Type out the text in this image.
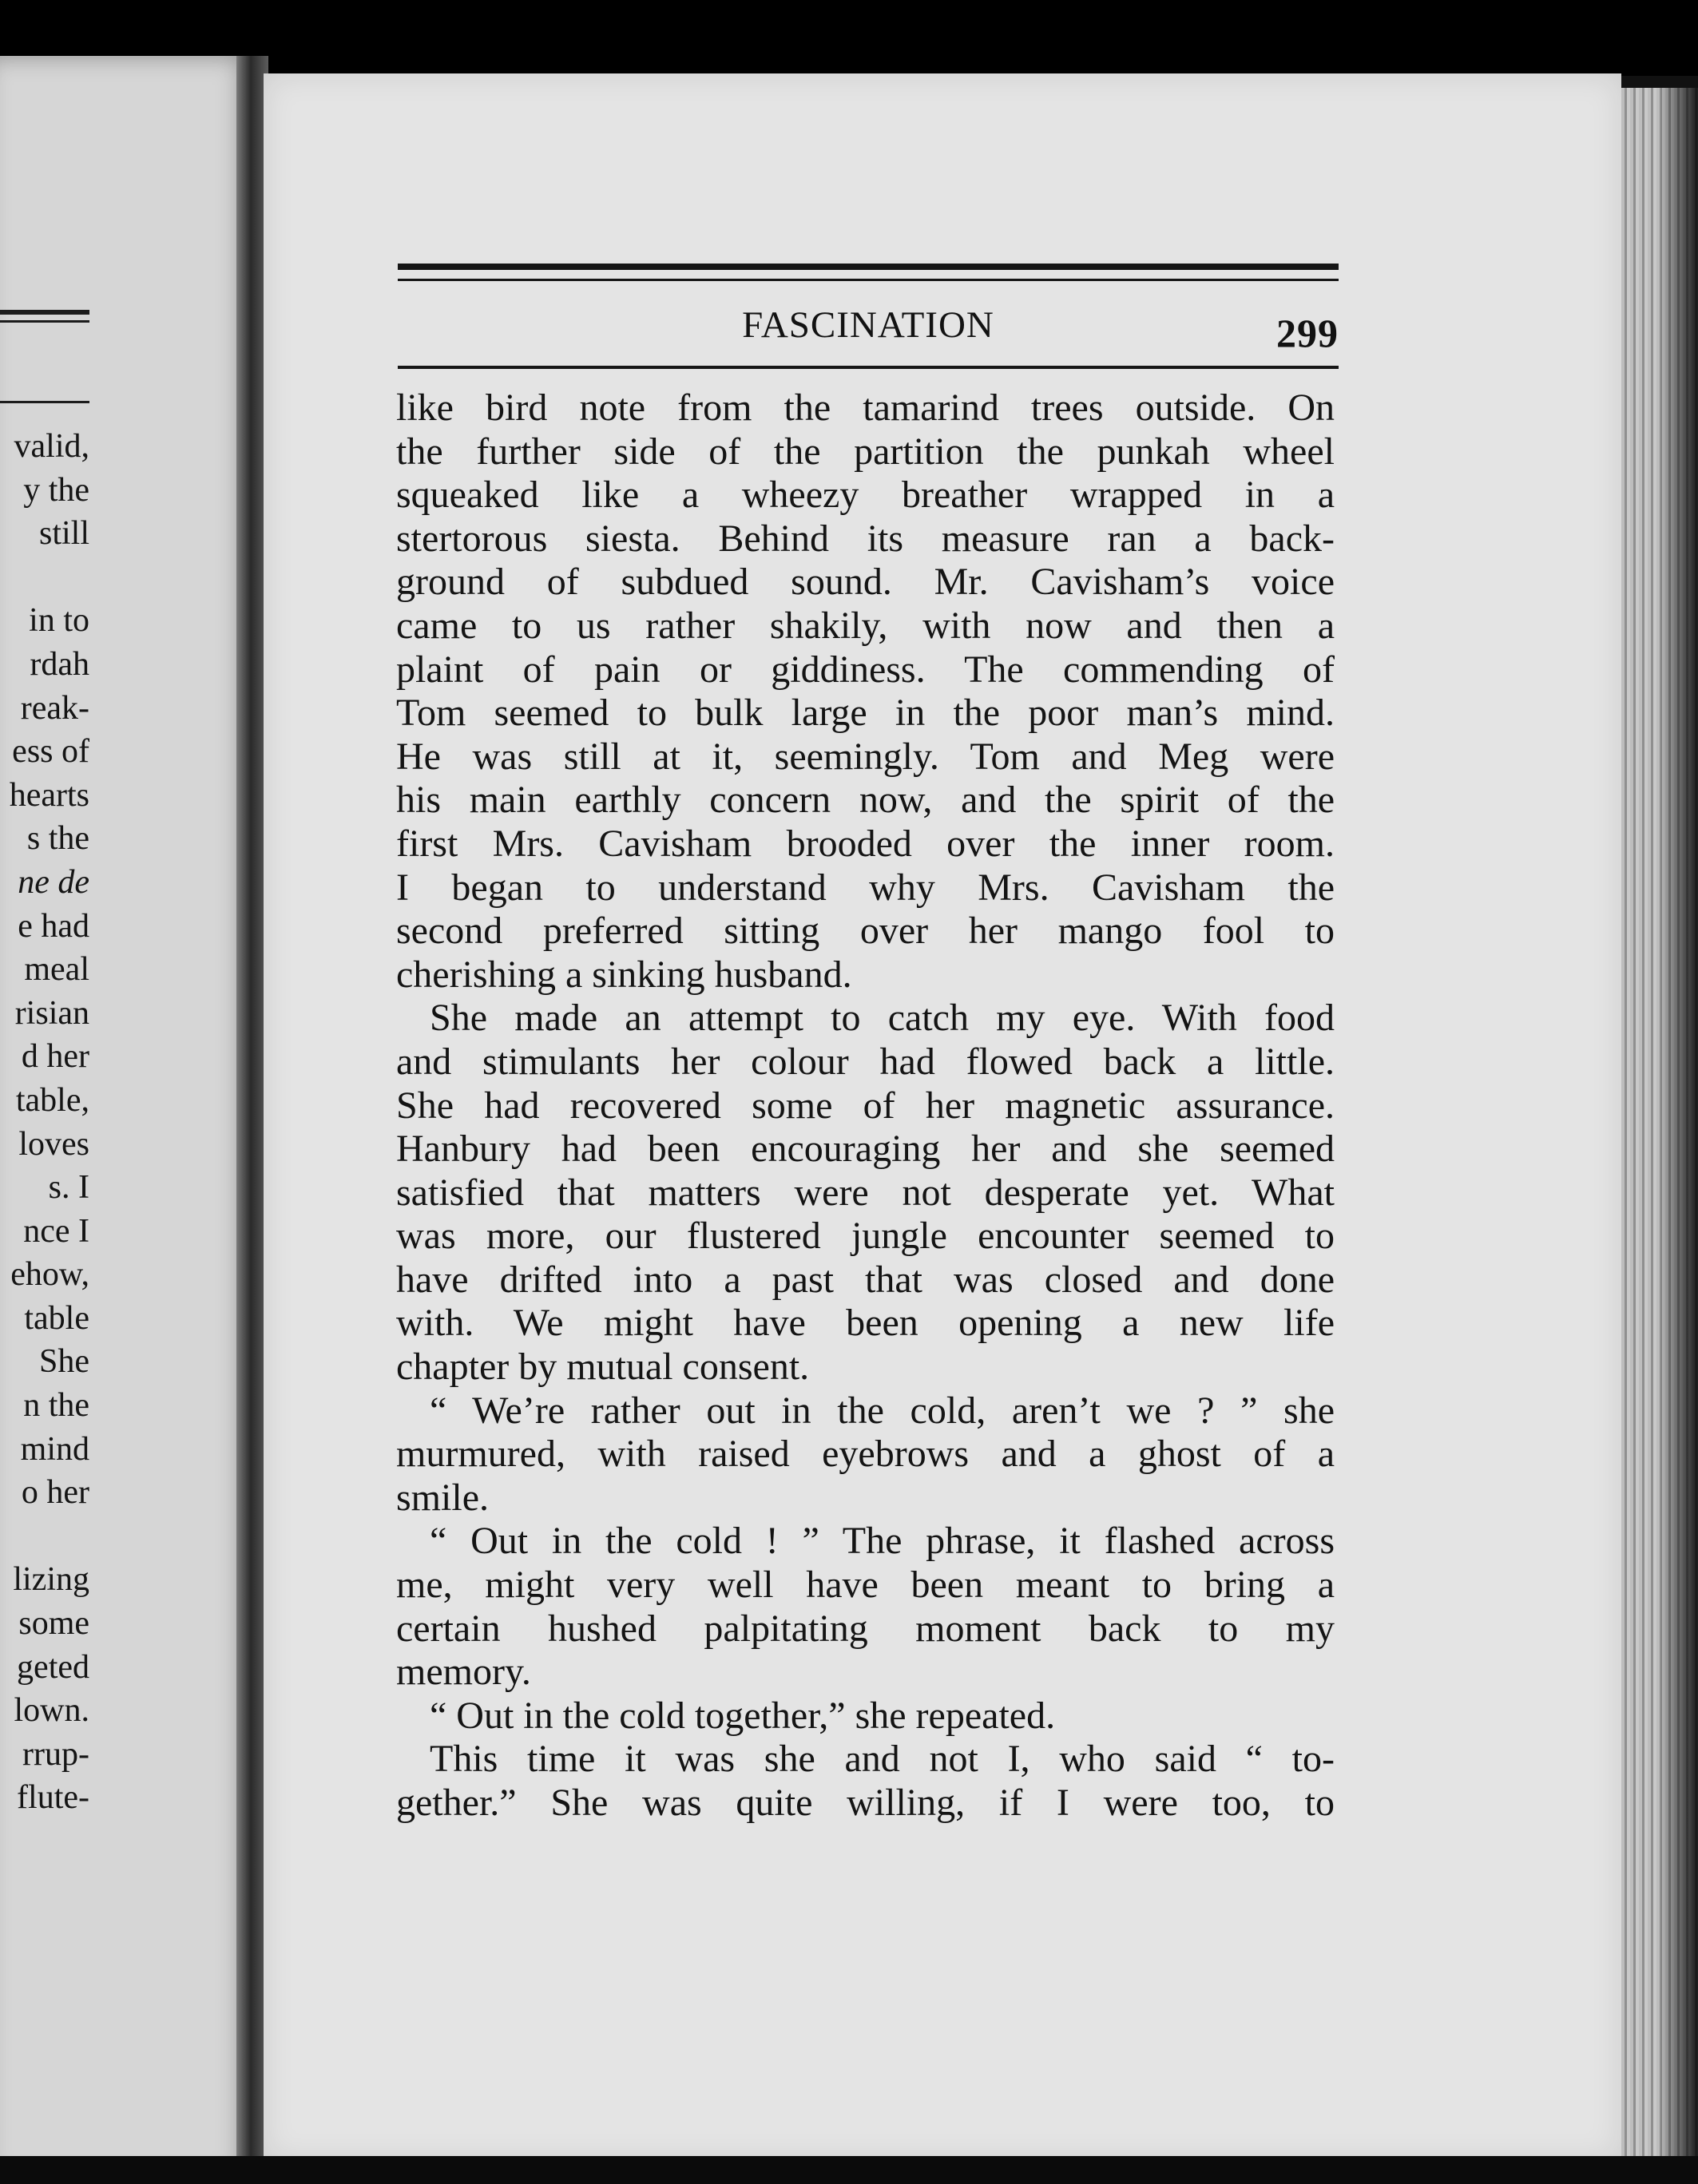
valid,
y the
still
in to
rdah
reak-
ess of
hearts
s the
ne de
e had
meal
risian
d her
table,
loves
s. I
nce I
ehow,
table
She
n the
mind
o her
lizing
some
geted
lown.
rrup-
flute-
FASCINATION	299
like bird note from the tamarind trees outside. On
the further side of the partition the punkah wheel
squeaked like a wheezy breather wrapped in a
stertorous siesta. Behind its measure ran a back-
ground of subdued sound. Mr. Cavisham’s voice
came to us rather shakily, with now and then a
plaint of pain or giddiness. The commending of
Tom seemed to bulk large in the poor man’s mind.
He was still at it, seemingly. Tom and Meg were
his main earthly concern now, and the spirit of the
first Mrs. Cavisham brooded over the inner room.
I began to understand why Mrs. Cavisham the
second preferred sitting over her mango fool to
cherishing a sinking husband.
She made an attempt to catch my eye. With food
and stimulants her colour had flowed back a little.
She had recovered some of her magnetic assurance.
Hanbury had been encouraging her and she seemed
satisfied that matters were not desperate yet. What
was more, our flustered jungle encounter seemed to
have drifted into a past that was closed and done
with. We might have been opening a new life
chapter by mutual consent.
“ We’re rather out in the cold, aren’t we ? ” she
murmured, with raised eyebrows and a ghost of a
smile.
“ Out in the cold ! ” The phrase, it flashed across
me, might very well have been meant to bring a
certain hushed palpitating moment back to my
memory.
“ Out in the cold together,” she repeated.
This time it was she and not I, who said “ to-
gether.” She was quite willing, if I were too, to
